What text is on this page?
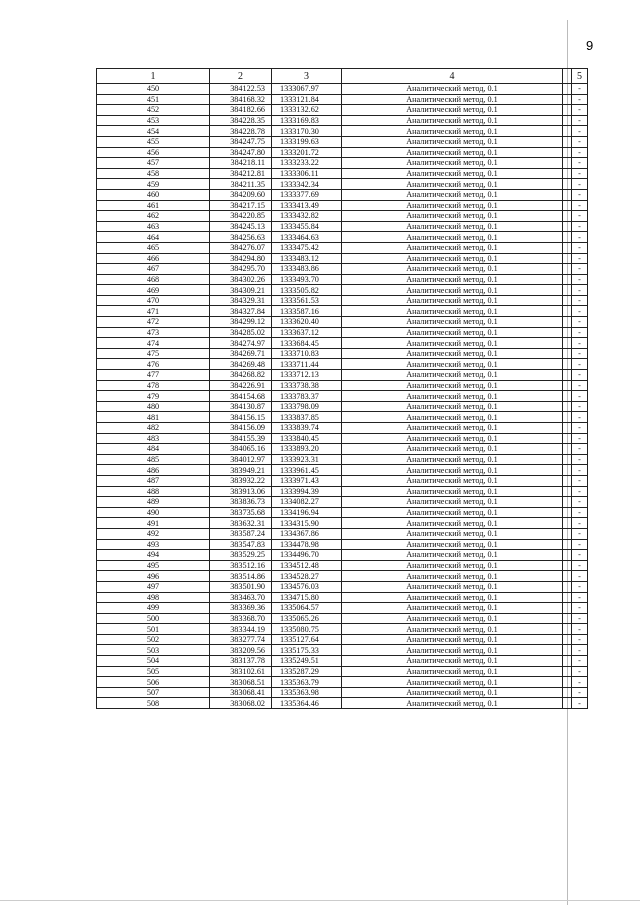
9
1	2	3	4		5
450	384122.53	1333067.97	Аналитический метод, 0.1		-
451	384168.32	1333121.84	Аналитический метод, 0.1		-
452	384182.66	1333132.62	Аналитический метод, 0.1		-
453	384228.35	1333169.83	Аналитический метод, 0.1		-
454	384228.78	1333170.30	Аналитический метод, 0.1		-
455	384247.75	1333199.63	Аналитический метод, 0.1		-
456	384247.80	1333201.72	Аналитический метод, 0.1		-
457	384218.11	1333233.22	Аналитический метод, 0.1		-
458	384212.81	1333306.11	Аналитический метод, 0.1		-
459	384211.35	1333342.34	Аналитический метод, 0.1		-
460	384209.60	1333377.69	Аналитический метод, 0.1		-
461	384217.15	1333413.49	Аналитический метод, 0.1		-
462	384220.85	1333432.82	Аналитический метод, 0.1		-
463	384245.13	1333455.84	Аналитический метод, 0.1		-
464	384256.63	1333464.63	Аналитический метод, 0.1		-
465	384276.07	1333475.42	Аналитический метод, 0.1		-
466	384294.80	1333483.12	Аналитический метод, 0.1		-
467	384295.70	1333483.86	Аналитический метод, 0.1		-
468	384302.26	1333493.70	Аналитический метод, 0.1		-
469	384309.21	1333505.82	Аналитический метод, 0.1		-
470	384329.31	1333561.53	Аналитический метод, 0.1		-
471	384327.84	1333587.16	Аналитический метод, 0.1		-
472	384299.12	1333620.40	Аналитический метод, 0.1		-
473	384285.02	1333637.12	Аналитический метод, 0.1		-
474	384274.97	1333684.45	Аналитический метод, 0.1		-
475	384269.71	1333710.83	Аналитический метод, 0.1		-
476	384269.48	1333711.44	Аналитический метод, 0.1		-
477	384268.82	1333712.13	Аналитический метод, 0.1		-
478	384226.91	1333738.38	Аналитический метод, 0.1		-
479	384154.68	1333783.37	Аналитический метод, 0.1		-
480	384130.87	1333798.09	Аналитический метод, 0.1		-
481	384156.15	1333837.85	Аналитический метод, 0.1		-
482	384156.09	1333839.74	Аналитический метод, 0.1		-
483	384155.39	1333840.45	Аналитический метод, 0.1		-
484	384065.16	1333893.20	Аналитический метод, 0.1		-
485	384012.97	1333923.31	Аналитический метод, 0.1		-
486	383949.21	1333961.45	Аналитический метод, 0.1		-
487	383932.22	1333971.43	Аналитический метод, 0.1		-
488	383913.06	1333994.39	Аналитический метод, 0.1		-
489	383836.73	1334082.27	Аналитический метод, 0.1		-
490	383735.68	1334196.94	Аналитический метод, 0.1		-
491	383632.31	1334315.90	Аналитический метод, 0.1		-
492	383587.24	1334367.86	Аналитический метод, 0.1		-
493	383547.83	1334478.98	Аналитический метод, 0.1		-
494	383529.25	1334496.70	Аналитический метод, 0.1		-
495	383512.16	1334512.48	Аналитический метод, 0.1		-
496	383514.86	1334528.27	Аналитический метод, 0.1		-
497	383501.90	1334576.03	Аналитический метод, 0.1		-
498	383463.70	1334715.80	Аналитический метод, 0.1		-
499	383369.36	1335064.57	Аналитический метод, 0.1		-
500	383368.70	1335065.26	Аналитический метод, 0.1		-
501	383344.19	1335080.75	Аналитический метод, 0.1		-
502	383277.74	1335127.64	Аналитический метод, 0.1		-
503	383209.56	1335175.33	Аналитический метод, 0.1		-
504	383137.78	1335249.51	Аналитический метод, 0.1		-
505	383102.61	1335287.29	Аналитический метод, 0.1		-
506	383068.51	1335363.79	Аналитический метод, 0.1		-
507	383068.41	1335363.98	Аналитический метод, 0.1		-
508	383068.02	1335364.46	Аналитический метод, 0.1		-
